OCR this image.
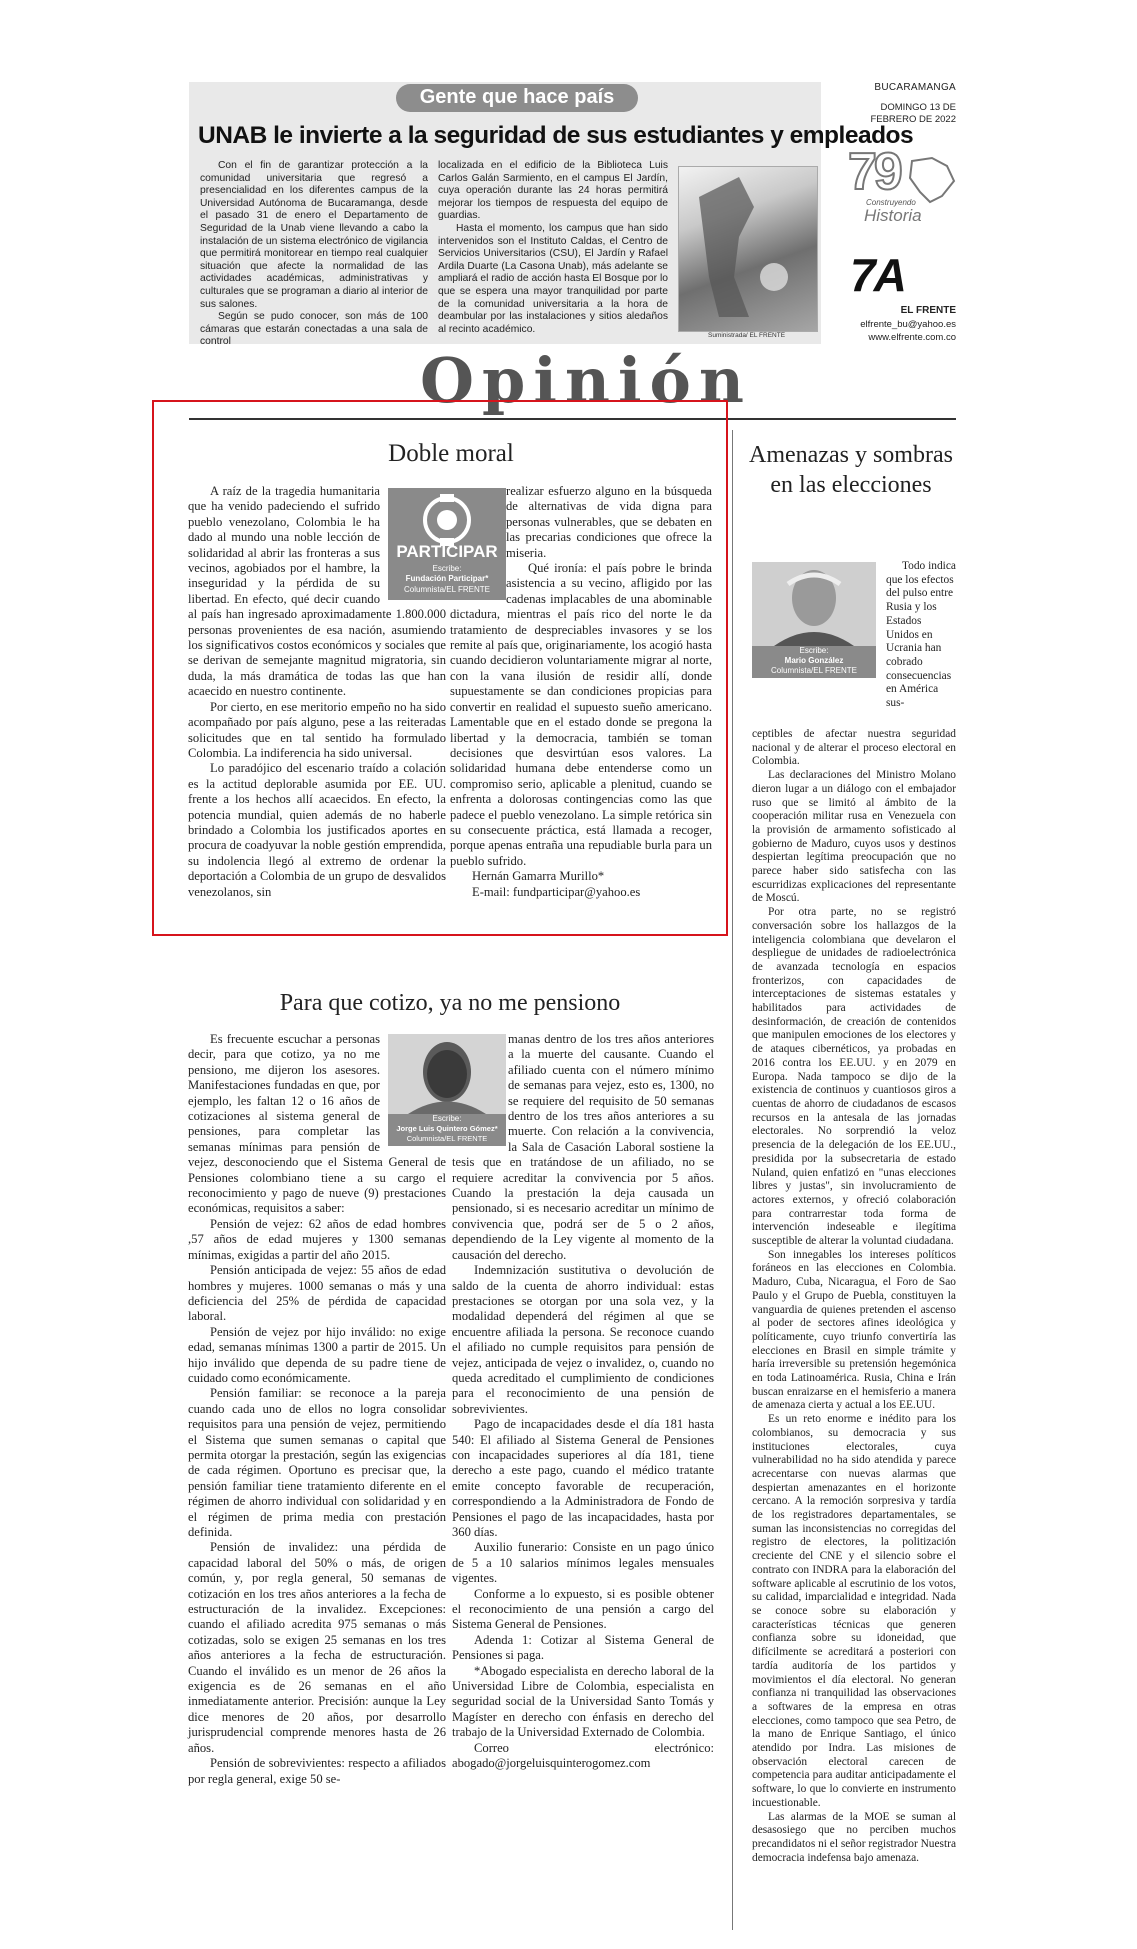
Gente que hace país
UNAB le invierte a la seguridad de sus estudiantes y empleados

Con el fin de garantizar protección a la comunidad universitaria que regresó a presencialidad en los diferentes campus de la Universidad Autónoma de Bucaramanga, desde el pasado 31 de enero el Departamento de Seguridad de la Unab viene llevando a cabo la instalación de un sistema electrónico de vigilancia que permitirá monitorear en tiempo real cualquier situación que afecte la normalidad de las actividades académicas, administrativas y culturales que se programan a diario al interior de sus salones.

Según se pudo conocer, son más de 100 cámaras que estarán conectadas a una sala de control

localizada en el edificio de la Biblioteca Luis Carlos Galán Sarmiento, en el campus El Jardín, cuya operación durante las 24 horas permitirá mejorar los tiempos de respuesta del equipo de guardias.

Hasta el momento, los campus que han sido intervenidos son el Instituto Caldas, el Centro de Servicios Universitarios (CSU), El Jardín y Rafael Ardila Duarte (La Casona Unab), más adelante se ampliará el radio de acción hasta El Bosque por lo que se espera una mayor tranquilidad por parte de la comunidad universitaria a la hora de deambular por las instalaciones y sitios aledaños al recinto académico.

Suministrada/ EL FRENTE
BUCARAMANGA
DOMINGO 13 DE FEBRERO DE 2022
79
Construyendo
Historia
7A
EL FRENTE
elfrente_bu@yahoo.es
www.elfrente.com.co
Opinión
Doble moral
PARTICIPAR
Escribe:
Fundación Participar*
Columnista/EL FRENTE

A raíz de la tragedia humanitaria que ha venido padeciendo el sufrido pueblo venezolano, Colombia le ha dado al mundo una noble lección de solidaridad al abrir las fronteras a sus vecinos, agobiados por el hambre, la inseguridad y la pérdida de su libertad. En efecto, qué decir cuando al país han ingresado aproximadamente 1.800.000 personas provenientes de esa nación, asumiendo los significativos costos económicos y sociales que se derivan de semejante magnitud migratoria, sin duda, la más dramática de todas las que han acaecido en nuestro continente.

Por cierto, en ese meritorio empeño no ha sido acompañado por país alguno, pese a las reiteradas solicitudes que en tal sentido ha formulado Colombia. La indiferencia ha sido universal.

Lo paradójico del escenario traído a colación es la actitud deplorable asumida por EE. UU. frente a los hechos allí acaecidos. En efecto, la potencia mundial, quien además de no haberle brindado a Colombia los justificados aportes en procura de coadyuvar la noble gestión emprendida, su indolencia llegó al extremo de ordenar la deportación a Colombia de un grupo de desvalidos venezolanos, sin

realizar esfuerzo alguno en la búsqueda de alternativas de vida digna para personas vulnerables, que se debaten en las precarias condiciones que ofrece la miseria.

Qué ironía: el país pobre le brinda asistencia a su vecino, afligido por las cadenas implacables de una abominable dictadura, mientras el país rico del norte le da tratamiento de despreciables invasores y se los remite al país que, originariamente, los acogió hasta cuando decidieron voluntariamente migrar al norte, con la vana ilusión de residir allí, donde supuestamente se dan condiciones propicias para convertir en realidad el supuesto sueño americano. Lamentable que en el estado donde se pregona la libertad y la democracia, también se toman decisiones que desvirtúan esos valores. La solidaridad humana debe entenderse como un compromiso serio, aplicable a plenitud, cuando se enfrenta a dolorosas contingencias como las que padece el pueblo venezolano. La simple retórica sin su consecuente práctica, está llamada a recoger, porque apenas entraña una repudiable burla para un pueblo sufrido.

Hernán Gamarra Murillo*

E-mail: fundparticipar@yahoo.es

Para que cotizo, ya no me pensiono
Escribe:
Jorge Luis Quintero Gómez*
Columnista/EL FRENTE

Es frecuente escuchar a personas decir, para que cotizo, ya no me pensiono, me dijeron los asesores. Manifestaciones fundadas en que, por ejemplo, les faltan 12 o 16 años de cotizaciones al sistema general de pensiones, para completar las semanas mínimas para pensión de vejez, desconociendo que el Sistema General de Pensiones colombiano tiene a su cargo el reconocimiento y pago de nueve (9) prestaciones económicas, requisitos a saber:

Pensión de vejez: 62 años de edad hombres ,57 años de edad mujeres y 1300 semanas mínimas, exigidas a partir del año 2015.

Pensión anticipada de vejez: 55 años de edad hombres y mujeres. 1000 semanas o más y una deficiencia del 25% de pérdida de capacidad laboral.

Pensión de vejez por hijo inválido: no exige edad, semanas mínimas 1300 a partir de 2015. Un hijo inválido que dependa de su padre tiene de cuidado como económicamente.

Pensión familiar: se reconoce a la pareja cuando cada uno de ellos no logra consolidar requisitos para una pensión de vejez, permitiendo el Sistema que sumen semanas o capital que permita otorgar la prestación, según las exigencias de cada régimen. Oportuno es precisar que, la pensión familiar tiene tratamiento diferente en el régimen de ahorro individual con solidaridad y en el régimen de prima media con prestación definida.

Pensión de invalidez: una pérdida de capacidad laboral del 50% o más, de origen común, y, por regla general, 50 semanas de cotización en los tres años anteriores a la fecha de estructuración de la invalidez. Excepciones: cuando el afiliado acredita 975 semanas o más cotizadas, solo se exigen 25 semanas en los tres años anteriores a la fecha de estructuración. Cuando el inválido es un menor de 26 años la exigencia es de 26 semanas en el año inmediatamente anterior. Precisión: aunque la Ley dice menores de 20 años, por desarrollo jurisprudencial comprende menores hasta de 26 años.

Pensión de sobrevivientes: respecto a afiliados por regla general, exige 50 se-

manas dentro de los tres años anteriores a la muerte del causante. Cuando el afiliado cuenta con el número mínimo de semanas para vejez, esto es, 1300, no se requiere del requisito de 50 semanas dentro de los tres años anteriores a su muerte. Con relación a la convivencia, la Sala de Casación Laboral sostiene la tesis que en tratándose de un afiliado, no se requiere acreditar la convivencia por 5 años. Cuando la prestación la deja causada un pensionado, si es necesario acreditar un mínimo de convivencia que, podrá ser de 5 o 2 años, dependiendo de la Ley vigente al momento de la causación del derecho.

Indemnización sustitutiva o devolución de saldo de la cuenta de ahorro individual: estas prestaciones se otorgan por una sola vez, y la modalidad dependerá del régimen al que se encuentre afiliada la persona. Se reconoce cuando el afiliado no cumple requisitos para pensión de vejez, anticipada de vejez o invalidez, o, cuando no queda acreditado el cumplimiento de condiciones para el reconocimiento de una pensión de sobrevivientes.

Pago de incapacidades desde el día 181 hasta 540: El afiliado al Sistema General de Pensiones con incapacidades superiores al día 181, tiene derecho a este pago, cuando el médico tratante emite concepto favorable de recuperación, correspondiendo a la Administradora de Fondo de Pensiones el pago de las incapacidades, hasta por 360 días.

Auxilio funerario: Consiste en un pago único de 5 a 10 salarios mínimos legales mensuales vigentes.

Conforme a lo expuesto, si es posible obtener el reconocimiento de una pensión a cargo del Sistema General de Pensiones.

Adenda 1: Cotizar al Sistema General de Pensiones si paga.

*Abogado especialista en derecho laboral de la Universidad Libre de Colombia, especialista en seguridad social de la Universidad Santo Tomás y Magíster en derecho con énfasis en derecho del trabajo de la Universidad Externado de Colombia.

Correo electrónico: abogado@jorgeluisquinterogomez.com

Amenazas y sombras en las elecciones
Escribe:
Mario González
Columnista/EL FRENTE
Todo indica que los efectos del pulso entre Rusia y los Estados Unidos en Ucrania han cobrado consecuencias en América sus-

ceptibles de afectar nuestra seguridad nacional y de alterar el proceso electoral en Colombia.

Las declaraciones del Ministro Molano dieron lugar a un diálogo con el embajador ruso que se limitó al ámbito de la cooperación militar rusa en Venezuela con la provisión de armamento sofisticado al gobierno de Maduro, cuyos usos y destinos despiertan legítima preocupación que no parece haber sido satisfecha con las escurridizas explicaciones del representante de Moscú.

Por otra parte, no se registró conversación sobre los hallazgos de la inteligencia colombiana que develaron el despliegue de unidades de radioelectrónica de avanzada tecnología en espacios fronterizos, con capacidades de interceptaciones de sistemas estatales y habilitados para actividades de desinformación, de creación de contenidos que manipulen emociones de los electores y de ataques cibernéticos, ya probadas en 2016 contra los EE.UU. y en 2079 en Europa. Nada tampoco se dijo de la existencia de continuos y cuantiosos giros a cuentas de ahorro de ciudadanos de escasos recursos en la antesala de las jornadas electorales. No sorprendió la veloz presencia de la delegación de los EE.UU., presidida por la subsecretaria de estado Nuland, quien enfatizó en "unas elecciones libres y justas", sin involucramiento de actores externos, y ofreció colaboración para contrarrestar toda forma de intervención indeseable e ilegítima susceptible de alterar la voluntad ciudadana.

Son innegables los intereses políticos foráneos en las elecciones en Colombia. Maduro, Cuba, Nicaragua, el Foro de Sao Paulo y el Grupo de Puebla, constituyen la vanguardia de quienes pretenden el ascenso al poder de sectores afines ideológica y políticamente, cuyo triunfo convertiría las elecciones en Brasil en simple trámite y haría irreversible su pretensión hegemónica en toda Latinoamérica. Rusia, China e Irán buscan enraizarse en el hemisferio a manera de amenaza cierta y actual a los EE.UU.

Es un reto enorme e inédito para los colombianos, su democracia y sus instituciones electorales, cuya vulnerabilidad no ha sido atendida y parece acrecentarse con nuevas alarmas que despiertan amenazantes en el horizonte cercano. A la remoción sorpresiva y tardía de los registradores departamentales, se suman las inconsistencias no corregidas del registro de electores, la politización creciente del CNE y el silencio sobre el contrato con INDRA para la elaboración del software aplicable al escrutinio de los votos, su calidad, imparcialidad e integridad. Nada se conoce sobre su elaboración y características técnicas que generen confianza sobre su idoneidad, que difícilmente se acreditará a posteriori con tardía auditoría de los partidos y movimientos el día electoral. No generan confianza ni tranquilidad las observaciones a softwares de la empresa en otras elecciones, como tampoco que sea Petro, de la mano de Enrique Santiago, el único atendido por Indra. Las misiones de observación electoral carecen de competencia para auditar anticipadamente el software, lo que lo convierte en instrumento incuestionable.

Las alarmas de la MOE se suman al desasosiego que no perciben muchos precandidatos ni el señor registrador Nuestra democracia indefensa bajo amenaza.
